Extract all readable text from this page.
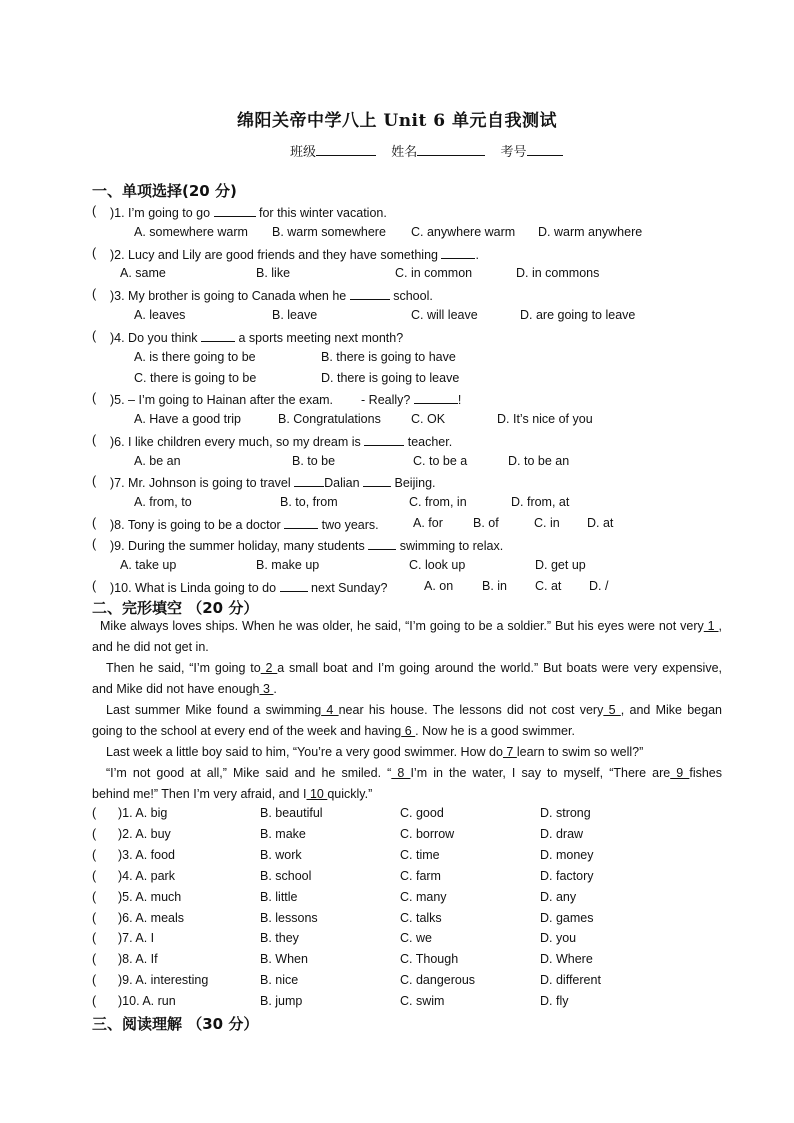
绵阳关帝中学八上 Unit 6 单元自我测试
班级	姓名	考号
一、单项选择(20 分)
二、完形填空 （20 分）
三、阅读理解 （30 分）
( )1. I’m going to go	for this winter vacation.
A. somewhere warm B. warm somewhere C. anywhere warm D. warm anywhere
( )2. Lucy and Lily are good friends and they have something	.
A. same	B. like	C. in common	D. in commons
( )3. My brother is going to Canada when he	school.
A. leaves	B. leave	C. will leave	D. are going to leave
( )4. Do you think	a sports meeting next month?
A. is there going to be	B. there is going to have
C. there is going to be	D. there is going to leave
( )5. – I’m going to Hainan after the exam. - Really?	!
A. Have a good trip	B. Congratulations C. OK	D. It’s nice of you
( )6. I like children every much, so my dream is	teacher.
A. be an	B. to be	C. to be a	D. to be an
( )7. Mr. Johnson is going to travel Dalian  Beijing.
A. from, to	B. to, from	C. from, in	D. from, at
( )8. Tony is going to be a doctor	two years.	A. for B. of	C. in D. at
( )9. During the summer holiday, many students  swimming to relax.
A. take up	B. make up	C. look up	D. get up
( )10. What is Linda going to do  next Sunday?	A. on B. in C. at D. /
Mike always loves ships. When he was older, he said, “I’m going to be a soldier.” But his eyes were not very 1 ,
and he did not get in.
Then he said, “I’m going to 2 a small boat and I’m going around the world.” But boats were very expensive,
and Mike did not have enough 3 .
Last summer Mike found a swimming 4 near his house. The lessons did not cost very 5 , and Mike began
going to the school at every end of the week and having 6 . Now he is a good swimmer.
Last week a little boy said to him, “You’re a very good swimmer. How do 7 learn to swim so well?”
“I’m not good at all,” Mike said and he smiled. “ 8 I’m in the water, I say to myself, “There are 9 fishes
behind me!” Then I’m very afraid, and I 10 quickly.”
( )1. A. big	B. beautiful	C. good	D. strong
( )2. A. buy	B. make	C. borrow	D. draw
( )3. A. food	B. work	C. time	D. money
( )4. A. park	B. school	C. farm	D. factory
( )5. A. much	B. little	C. many	D. any
( )6. A. meals	B. lessons	C. talks	D. games
( )7. A. I	B. they	C. we	D. you
( )8. A. If	B. When	C. Though	D. Where
( )9. A. interesting	B. nice	C. dangerous	D. different
( )10. A. run	B. jump	C. swim	D. fly
